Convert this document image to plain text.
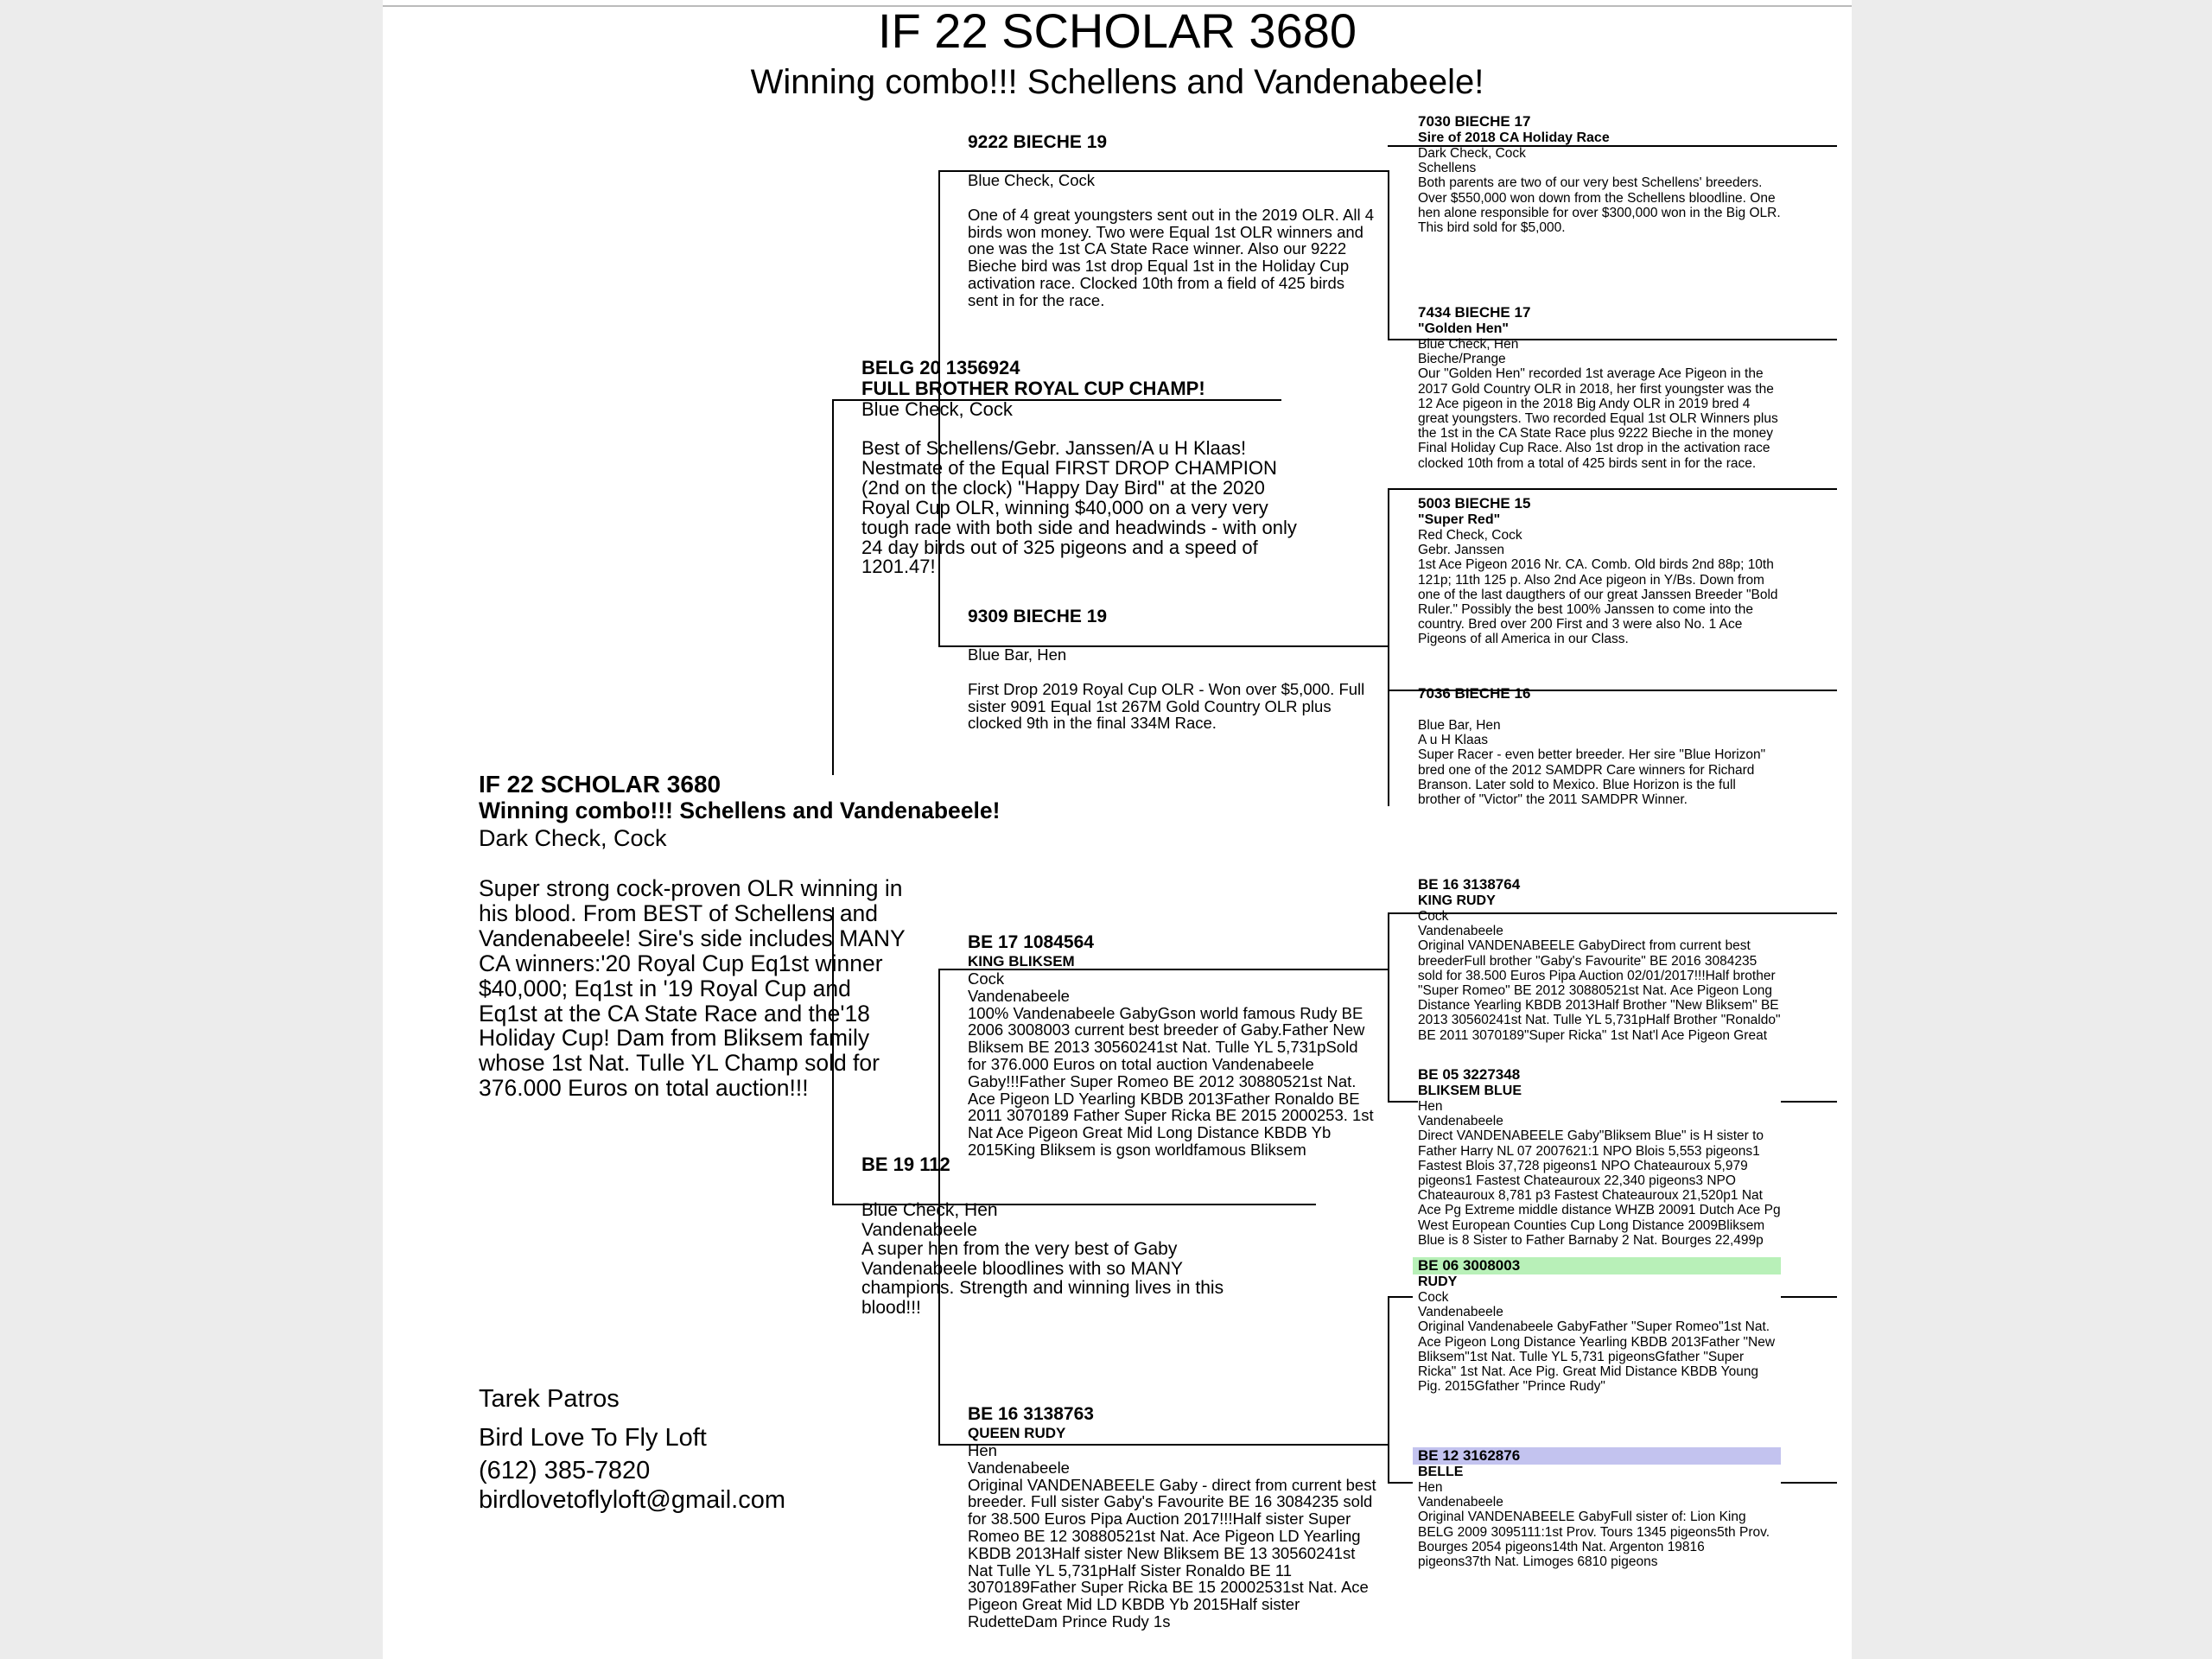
IF 22 SCHOLAR 3680
Winning combo!!! Schellens and Vandenabeele!
IF 22 SCHOLAR 3680
Winning combo!!! Schellens and Vandenabeele!
Dark Check, Cock
Super strong cock-proven OLR winning in his blood. From BEST of Schellens and Vandenabeele! Sire's side includes MANY CA winners:'20 Royal Cup Eq1st winner $40,000; Eq1st in '19 Royal Cup and Eq1st at the CA State Race and the'18 Holiday Cup! Dam from Bliksem family whose 1st Nat. Tulle YL Champ sold for 376.000 Euros on total auction!!!
BELG 20 1356924
FULL BROTHER ROYAL CUP CHAMP!
Blue Check, Cock
Best of Schellens/Gebr. Janssen/A u H Klaas! Nestmate of the Equal FIRST DROP CHAMPION (2nd on the clock) "Happy Day Bird" at the 2020 Royal Cup OLR, winning $40,000 on a very very tough race with both side and headwinds - with only 24 day birds out of 325 pigeons and a speed of 1201.47!
BE 19 112
Blue Check, Hen
Vandenabeele
A super hen from the very best of Gaby Vandenabeele bloodlines with so MANY champions. Strength and winning lives in this blood!!!
9222 BIECHE 19
Blue Check, Cock
One of 4 great youngsters sent out in the 2019 OLR. All 4 birds won money. Two were Equal 1st OLR winners and one was the 1st CA State Race winner. Also our 9222 Bieche bird was 1st drop Equal 1st in the Holiday Cup activation race. Clocked 10th from a field of 425 birds sent in for the race.
9309 BIECHE 19
Blue Bar, Hen
First Drop 2019 Royal Cup OLR - Won over $5,000. Full sister 9091 Equal 1st 267M Gold Country OLR plus clocked 9th in the final 334M Race.
BE 17 1084564
KING BLIKSEM
Cock
Vandenabeele
100% Vandenabeele GabyGson world famous Rudy BE 2006 3008003 current best breeder of Gaby.Father New Bliksem BE 2013 30560241st Nat. Tulle YL 5,731pSold for 376.000 Euros on total auction Vandenabeele Gaby!!!Father Super Romeo BE 2012 30880521st Nat. Ace Pigeon LD Yearling KBDB 2013Father Ronaldo BE 2011 3070189 Father Super Ricka BE 2015 2000253. 1st Nat Ace Pigeon Great Mid Long Distance KBDB Yb 2015King Bliksem is gson worldfamous Bliksem
BE 16 3138763
QUEEN RUDY
Hen
Vandenabeele
Original VANDENABEELE Gaby - direct from current best breeder. Full sister Gaby's Favourite BE 16 3084235 sold for 38.500 Euros Pipa Auction 2017!!!Half sister Super Romeo BE 12 30880521st Nat. Ace Pigeon LD Yearling KBDB 2013Half sister New Bliksem BE 13 30560241st Nat Tulle YL 5,731pHalf Sister Ronaldo BE 11 3070189Father Super Ricka BE 15 20002531st Nat. Ace Pigeon Great Mid LD KBDB Yb 2015Half sister RudetteDam Prince Rudy 1s
7030 BIECHE 17
Sire of 2018 CA Holiday Race
Dark Check, Cock
Schellens
Both parents are two of our very best Schellens' breeders. Over $550,000 won down from the Schellens bloodline. One hen alone responsible for over $300,000 won in the Big OLR. This bird sold for $5,000.
7434 BIECHE 17
"Golden Hen"
Blue Check, Hen
Bieche/Prange
Our "Golden Hen" recorded 1st average Ace Pigeon in the 2017 Gold Country OLR in 2018, her first youngster was the 12 Ace pigeon in the 2018 Big Andy OLR in 2019 bred 4 great youngsters. Two recorded Equal 1st OLR Winners plus the 1st in the CA State Race plus 9222 Bieche in the money Final Holiday Cup Race. Also 1st drop in the activation race clocked 10th from a total of 425 birds sent in for the race.
5003 BIECHE 15
"Super Red"
Red Check, Cock
Gebr. Janssen
1st Ace Pigeon 2016 Nr. CA. Comb. Old birds 2nd 88p; 10th 121p; 11th 125 p. Also 2nd Ace pigeon in Y/Bs. Down from one of the last daugthers of our great Janssen Breeder "Bold Ruler." Possibly the best 100% Janssen to come into the country. Bred over 200 First and 3 were also No. 1 Ace Pigeons of all America in our Class.
7036 BIECHE 16
Blue Bar, Hen
A u H Klaas
Super Racer - even better breeder. Her sire "Blue Horizon" bred one of the 2012 SAMDPR Care winners for Richard Branson. Later sold to Mexico. Blue Horizon is the full brother of "Victor" the 2011 SAMDPR Winner.
BE 16 3138764
KING RUDY
Cock
Vandenabeele
Original VANDENABEELE GabyDirect from current best breederFull brother "Gaby's Favourite" BE 2016 3084235 sold for 38.500 Euros Pipa Auction 02/01/2017!!!Half brother "Super Romeo" BE 2012 30880521st Nat. Ace Pigeon Long Distance Yearling KBDB 2013Half Brother "New Bliksem" BE 2013 30560241st Nat. Tulle YL 5,731pHalf Brother "Ronaldo" BE 2011 3070189"Super Ricka" 1st Nat'l Ace Pigeon Great
BE 05 3227348
BLIKSEM BLUE
Hen
Vandenabeele
Direct VANDENABEELE Gaby"Bliksem Blue" is H sister to Father Harry NL 07 2007621:1 NPO Blois 5,553 pigeons1 Fastest Blois 37,728 pigeons1 NPO Chateauroux 5,979 pigeons1 Fastest Chateauroux 22,340 pigeons3 NPO Chateauroux 8,781 p3 Fastest Chateauroux 21,520p1 Nat Ace Pg Extreme middle distance WHZB 20091 Dutch Ace Pg West European Counties Cup Long Distance 2009Bliksem Blue is 8 Sister to Father Barnaby 2 Nat. Bourges 22,499p
BE 06 3008003
RUDY
Cock
Vandenabeele
Original Vandenabeele GabyFather "Super Romeo"1st Nat. Ace Pigeon Long Distance Yearling KBDB 2013Father "New Bliksem"1st Nat. Tulle YL 5,731 pigeonsGfather "Super Ricka" 1st Nat. Ace Pig. Great Mid Distance KBDB Young Pig. 2015Gfather "Prince Rudy"
BE 12 3162876
BELLE
Hen
Vandenabeele
Original VANDENABEELE GabyFull sister of: Lion King BELG 2009 3095111:1st Prov. Tours 1345 pigeons5th Prov. Bourges 2054 pigeons14th Nat. Argenton 19816 pigeons37th Nat. Limoges 6810 pigeons
Tarek Patros
Bird Love To Fly Loft
(612) 385-7820
birdlovetoflyloft@gmail.com
